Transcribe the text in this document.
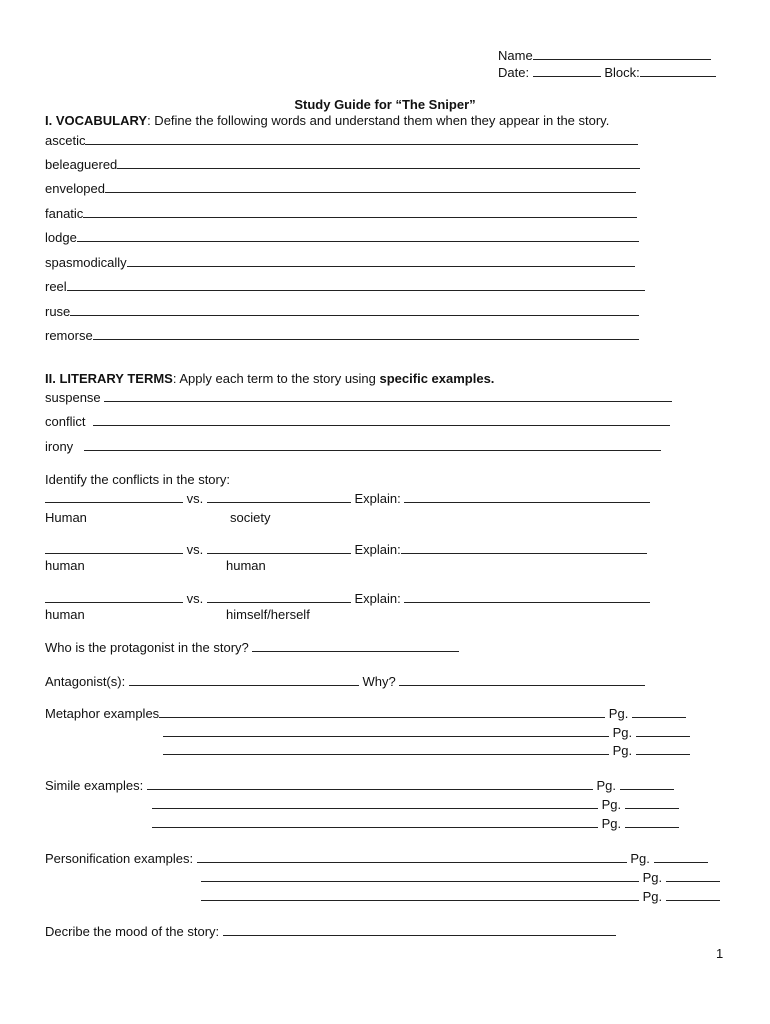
Name
Date:	Block:
Study Guide for “The Sniper”
I. VOCABULARY: Define the following words and understand them when they appear in the story.
ascetic
beleaguered
enveloped
fanatic
lodge
spasmodically
reel
ruse
remorse
II. LITERARY TERMS: Apply each term to the story using specific examples.
suspense
conflict
irony
Identify the conflicts in the story:
vs.	Explain:
Human	society
vs.	Explain:
human	human
vs.	Explain:
human	himself/herself
Who is the protagonist in the story?
Antagonist(s):	Why?
Metaphor examples	Pg.
Pg.
Pg.
Simile examples:	Pg.
Pg.
Pg.
Personification examples:	Pg.
Pg.
Pg.
Decribe the mood of the story:
1
